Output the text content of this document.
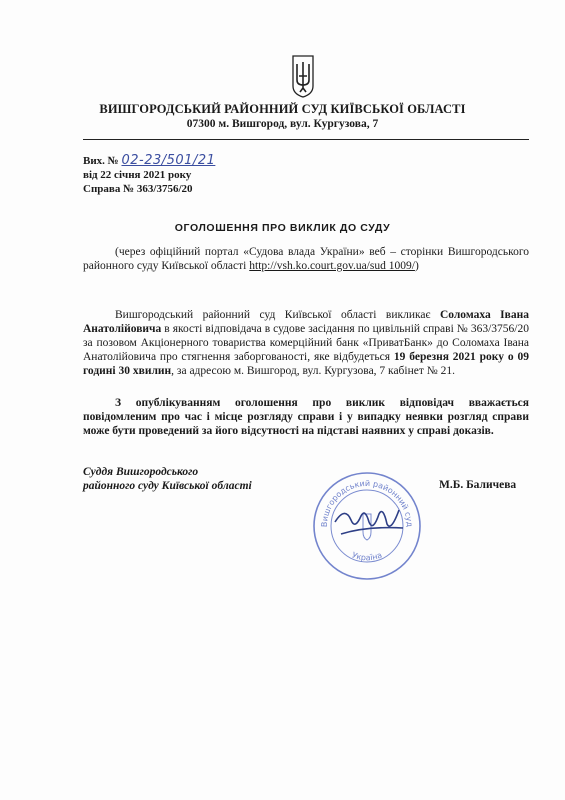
ВИШГОРОДСЬКИЙ РАЙОННИЙ СУД КИЇВСЬКОЇ ОБЛАСТІ
07300 м. Вишгород, вул. Кургузова, 7
Вих. № 02-23/501/21
від 22 січня 2021 року
Справа № 363/3756/20
ОГОЛОШЕННЯ ПРО ВИКЛИК ДО СУДУ
(через офіційний портал «Судова влада України» веб – сторінки Вишгородського районного суду Київської області http://vsh.ko.court.gov.ua/sud 1009/)
Вишгородський районний суд Київської області викликає Соломаха Івана Анатолійовича в якості відповідача в судове засідання по цивільній справі № 363/3756/20 за позовом Акціонерного товариства комерційний банк «ПриватБанк» до Соломаха Івана Анатолійовича про стягнення заборгованості, яке відбудеться 19 березня 2021 року о 09 годині 30 хвилин, за адресою м. Вишгород, вул. Кургузова, 7 кабінет № 21.
З опублікуванням оголошення про виклик відповідач вважається повідомленим про час і місце розгляду справи і у випадку неявки розгляд справи може бути проведений за його відсутності на підставі наявних у справі доказів.
Суддя Вишгородського
районного суду Київської області
Вишгородський районний суд
Україна
М.Б. Баличева
